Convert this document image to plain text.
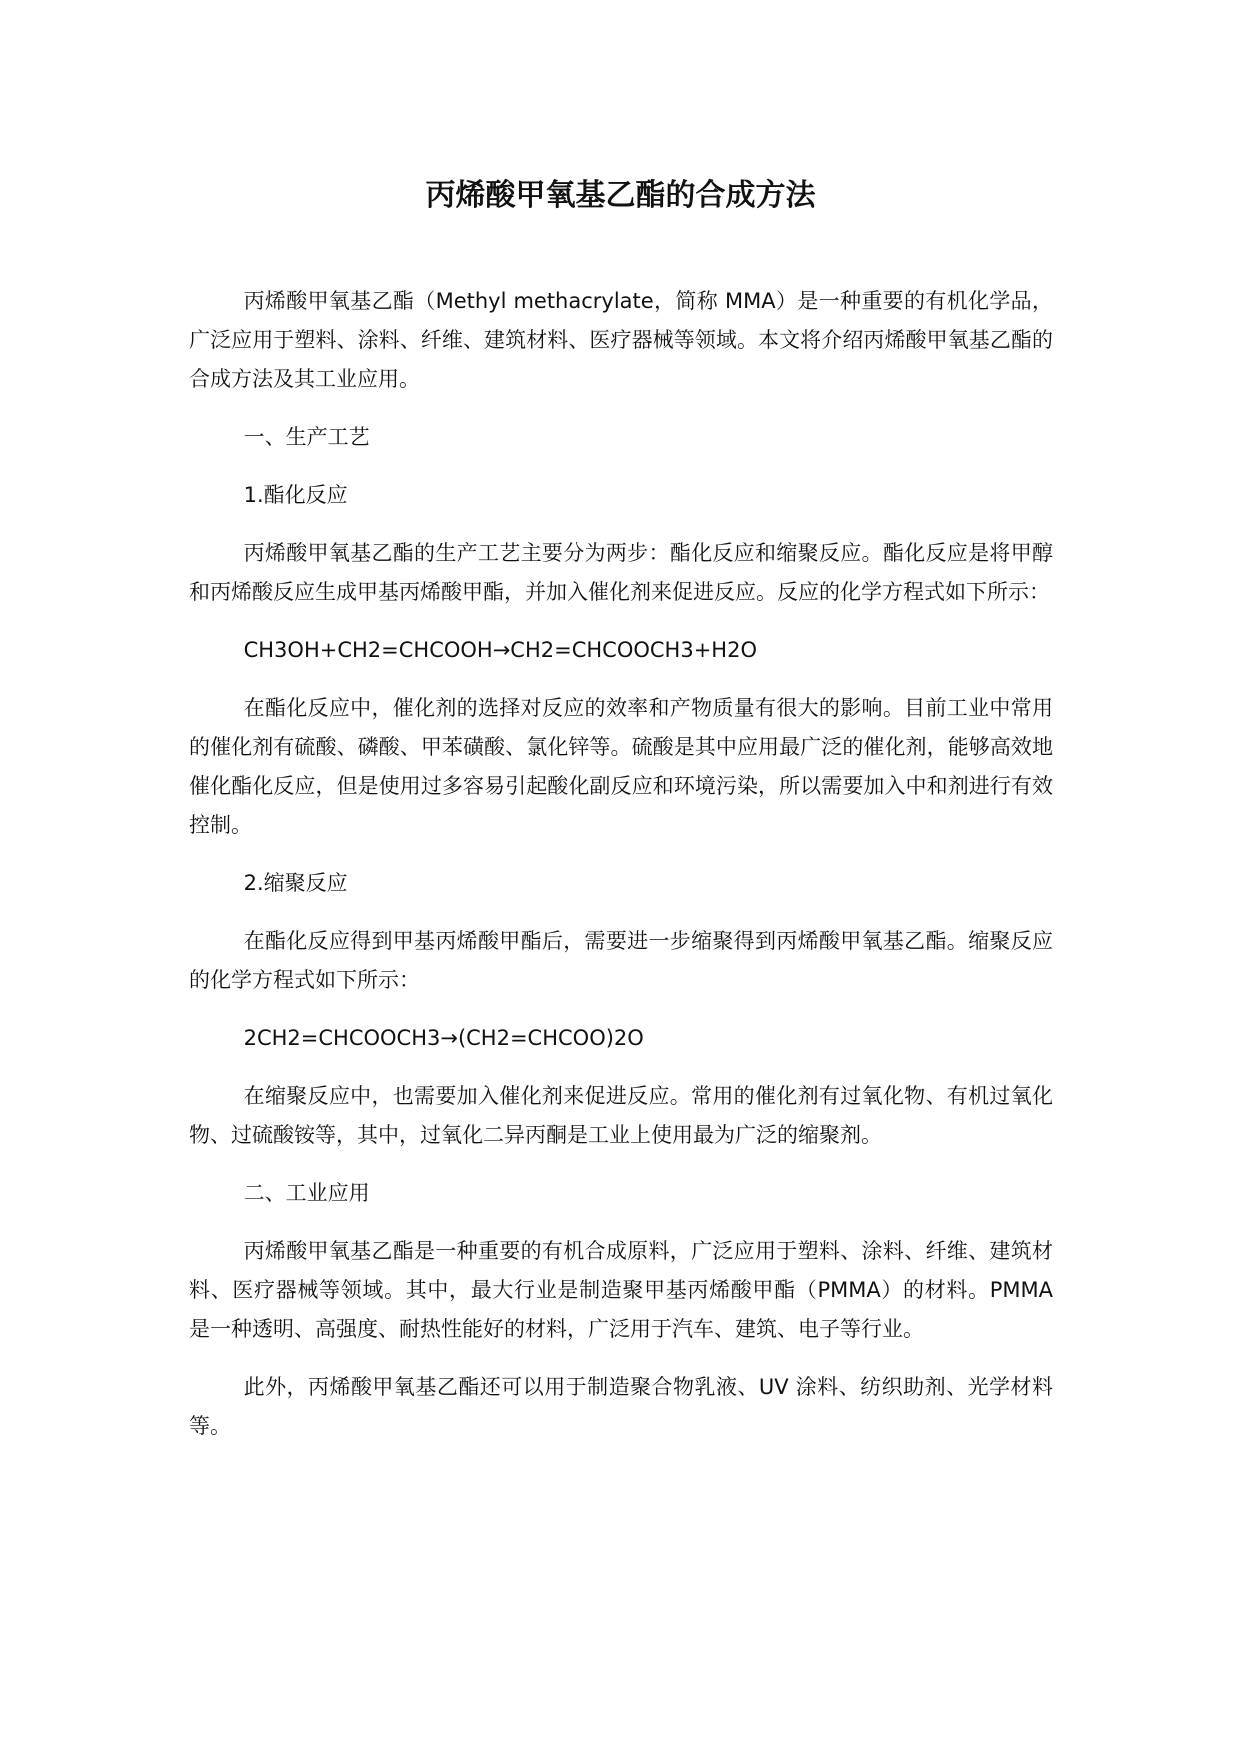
丙烯酸甲氧基乙酯的合成方法

丙烯酸甲氧基乙酯（Methyl methacrylate，简称 MMA）是一种重要的有机化学品，广泛应用于塑料、涂料、纤维、建筑材料、医疗器械等领域。本文将介绍丙烯酸甲氧基乙酯的合成方法及其工业应用。

一、生产工艺

1.酯化反应

丙烯酸甲氧基乙酯的生产工艺主要分为两步：酯化反应和缩聚反应。酯化反应是将甲醇和丙烯酸反应生成甲基丙烯酸甲酯，并加入催化剂来促进反应。反应的化学方程式如下所示：

CH3OH+CH2=CHCOOH→CH2=CHCOOCH3+H2O

在酯化反应中，催化剂的选择对反应的效率和产物质量有很大的影响。目前工业中常用的催化剂有硫酸、磷酸、甲苯磺酸、氯化锌等。硫酸是其中应用最广泛的催化剂，能够高效地催化酯化反应，但是使用过多容易引起酸化副反应和环境污染，所以需要加入中和剂进行有效控制。

2.缩聚反应

在酯化反应得到甲基丙烯酸甲酯后，需要进一步缩聚得到丙烯酸甲氧基乙酯。缩聚反应的化学方程式如下所示：

2CH2=CHCOOCH3→(CH2=CHCOO)2O

在缩聚反应中，也需要加入催化剂来促进反应。常用的催化剂有过氧化物、有机过氧化物、过硫酸铵等，其中，过氧化二异丙酮是工业上使用最为广泛的缩聚剂。

二、工业应用

丙烯酸甲氧基乙酯是一种重要的有机合成原料，广泛应用于塑料、涂料、纤维、建筑材料、医疗器械等领域。其中，最大行业是制造聚甲基丙烯酸甲酯（PMMA）的材料。PMMA 是一种透明、高强度、耐热性能好的材料，广泛用于汽车、建筑、电子等行业。

此外，丙烯酸甲氧基乙酯还可以用于制造聚合物乳液、UV 涂料、纺织助剂、光学材料等。
